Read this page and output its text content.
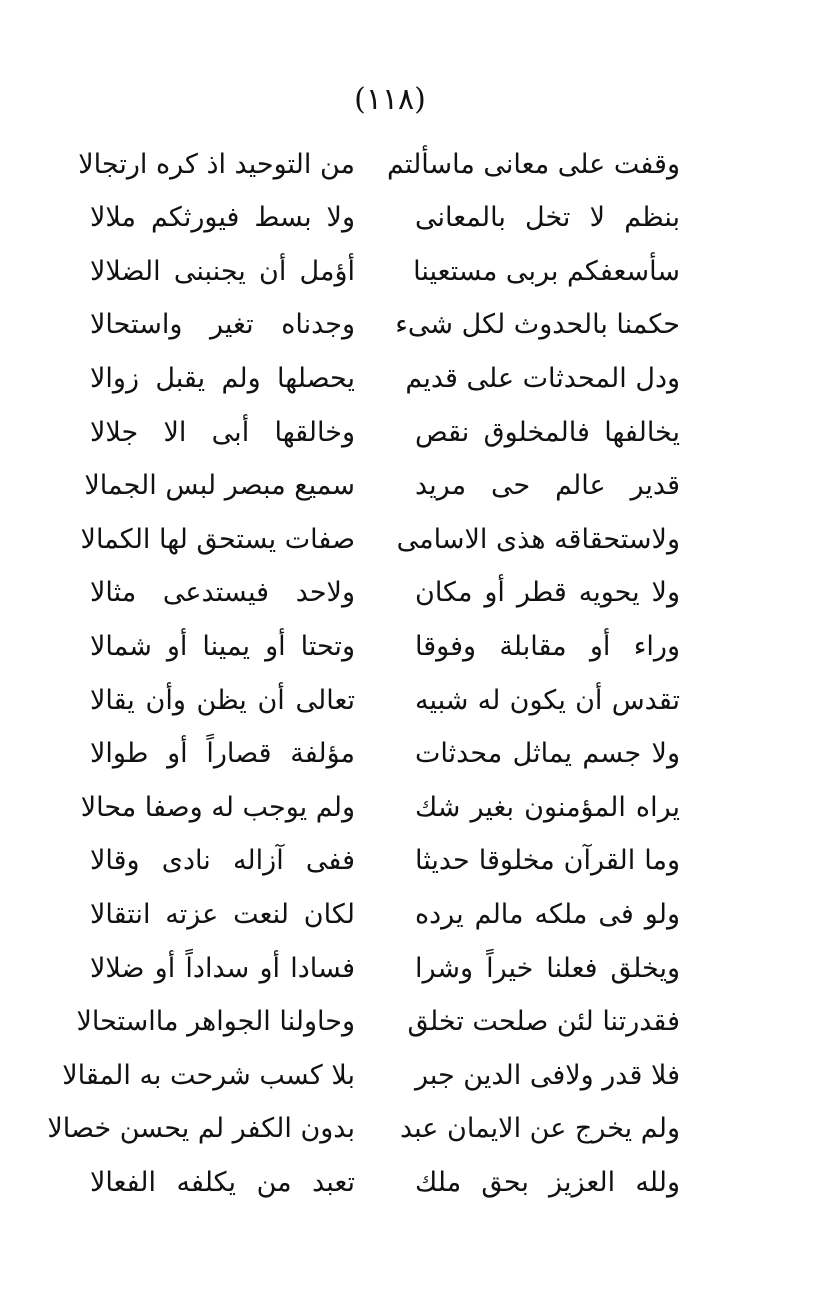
(١١٨)
وقفت على معانى ماسألتم
من التوحيد اذ كره ارتجالا
بنظم لا تخل بالمعانى
ولا بسط فيورثكم ملالا
سأسعفكم بربى مستعينا
أؤمل أن يجنبنى الضلالا
حكمنا بالحدوث لكل شىء
وجدناه تغير واستحالا
ودل المحدثات على قديم
يحصلها ولم يقبل زوالا
يخالفها فالمخلوق نقص
وخالقها أبى الا جلالا
قدير عالم حى مريد
سميع مبصر لبس الجمالا
ولاستحقاقه هذى الاسامى
صفات يستحق لها الكمالا
ولا يحويه قطر أو مكان
ولاحد فيستدعى مثالا
وراء أو مقابلة وفوقا
وتحتا أو يمينا أو شمالا
تقدس أن يكون له شبيه
تعالى أن يظن وأن يقالا
ولا جسم يماثل محدثات
مؤلفة قصاراً أو طوالا
يراه المؤمنون بغير شك
ولم يوجب له وصفا محالا
وما القرآن مخلوقا حديثا
ففى آزاله نادى وقالا
ولو فى ملكه مالم يرده
لكان لنعت عزته انتقالا
ويخلق فعلنا خيراً وشرا
فسادا أو سداداً أو ضلالا
فقدرتنا لئن صلحت تخلق
وحاولنا الجواهر مااستحالا
فلا قدر ولافى الدين جبر
بلا كسب شرحت به المقالا
ولم يخرج عن الايمان عبد
بدون الكفر لم يحسن خصالا
ولله العزيز بحق ملك
تعبد من يكلفه الفعالا
